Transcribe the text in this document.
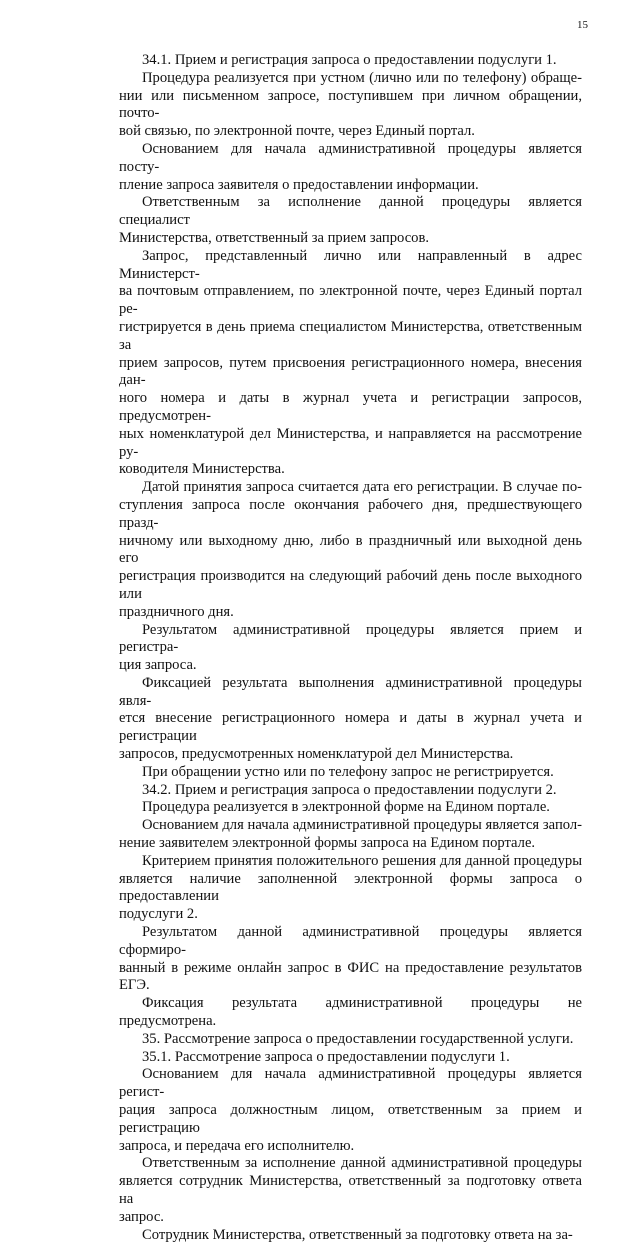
15

34.1. Прием и регистрация запроса о предоставлении подуслуги 1.

Процедура реализуется при устном (лично или по телефону) обраще-
нии или письменном запросе, поступившем при личном обращении, почто-
вой связью, по электронной почте, через Единый портал.

Основанием для начала административной процедуры является посту-
пление запроса заявителя о предоставлении информации.

Ответственным за исполнение данной процедуры является специалист
Министерства, ответственный за прием запросов.

Запрос, представленный лично или направленный в адрес Министерст-
ва почтовым отправлением, по электронной почте, через Единый портал ре-
гистрируется в день приема специалистом Министерства, ответственным за
прием запросов, путем присвоения регистрационного номера, внесения дан-
ного номера и даты в журнал учета и регистрации запросов, предусмотрен-
ных номенклатурой дел Министерства, и направляется на рассмотрение ру-
ководителя Министерства.

Датой принятия запроса считается дата его регистрации. В случае по-
ступления запроса после окончания рабочего дня, предшествующего празд-
ничному или выходному дню, либо в праздничный или выходной день его
регистрация производится на следующий рабочий день после выходного или
праздничного дня.

Результатом административной процедуры является прием и регистра-
ция запроса.

Фиксацией результата выполнения административной процедуры явля-
ется внесение регистрационного номера и даты в журнал учета и регистрации
запросов, предусмотренных номенклатурой дел Министерства.

При обращении устно или по телефону запрос не регистрируется.

34.2. Прием и регистрация запроса о предоставлении подуслуги 2.

Процедура реализуется в электронной форме на Едином портале.

Основанием для начала административной процедуры является запол-
нение заявителем электронной формы запроса на Едином портале.

Критерием принятия положительного решения для данной процедуры
является наличие заполненной электронной формы запроса о предоставлении
подуслуги 2.

Результатом данной административной процедуры является сформиро-
ванный в режиме онлайн запрос в ФИС на предоставление результатов ЕГЭ.

Фиксация результата административной процедуры не предусмотрена.

35. Рассмотрение запроса о предоставлении государственной услуги.

35.1. Рассмотрение запроса о предоставлении подуслуги 1.

Основанием для начала административной процедуры является регист-
рация запроса должностным лицом, ответственным за прием и регистрацию
запроса, и передача его исполнителю.

Ответственным за исполнение данной административной процедуры
является сотрудник Министерства, ответственный за подготовку ответа на
запрос.

Сотрудник Министерства, ответственный за подготовку ответа на за-
